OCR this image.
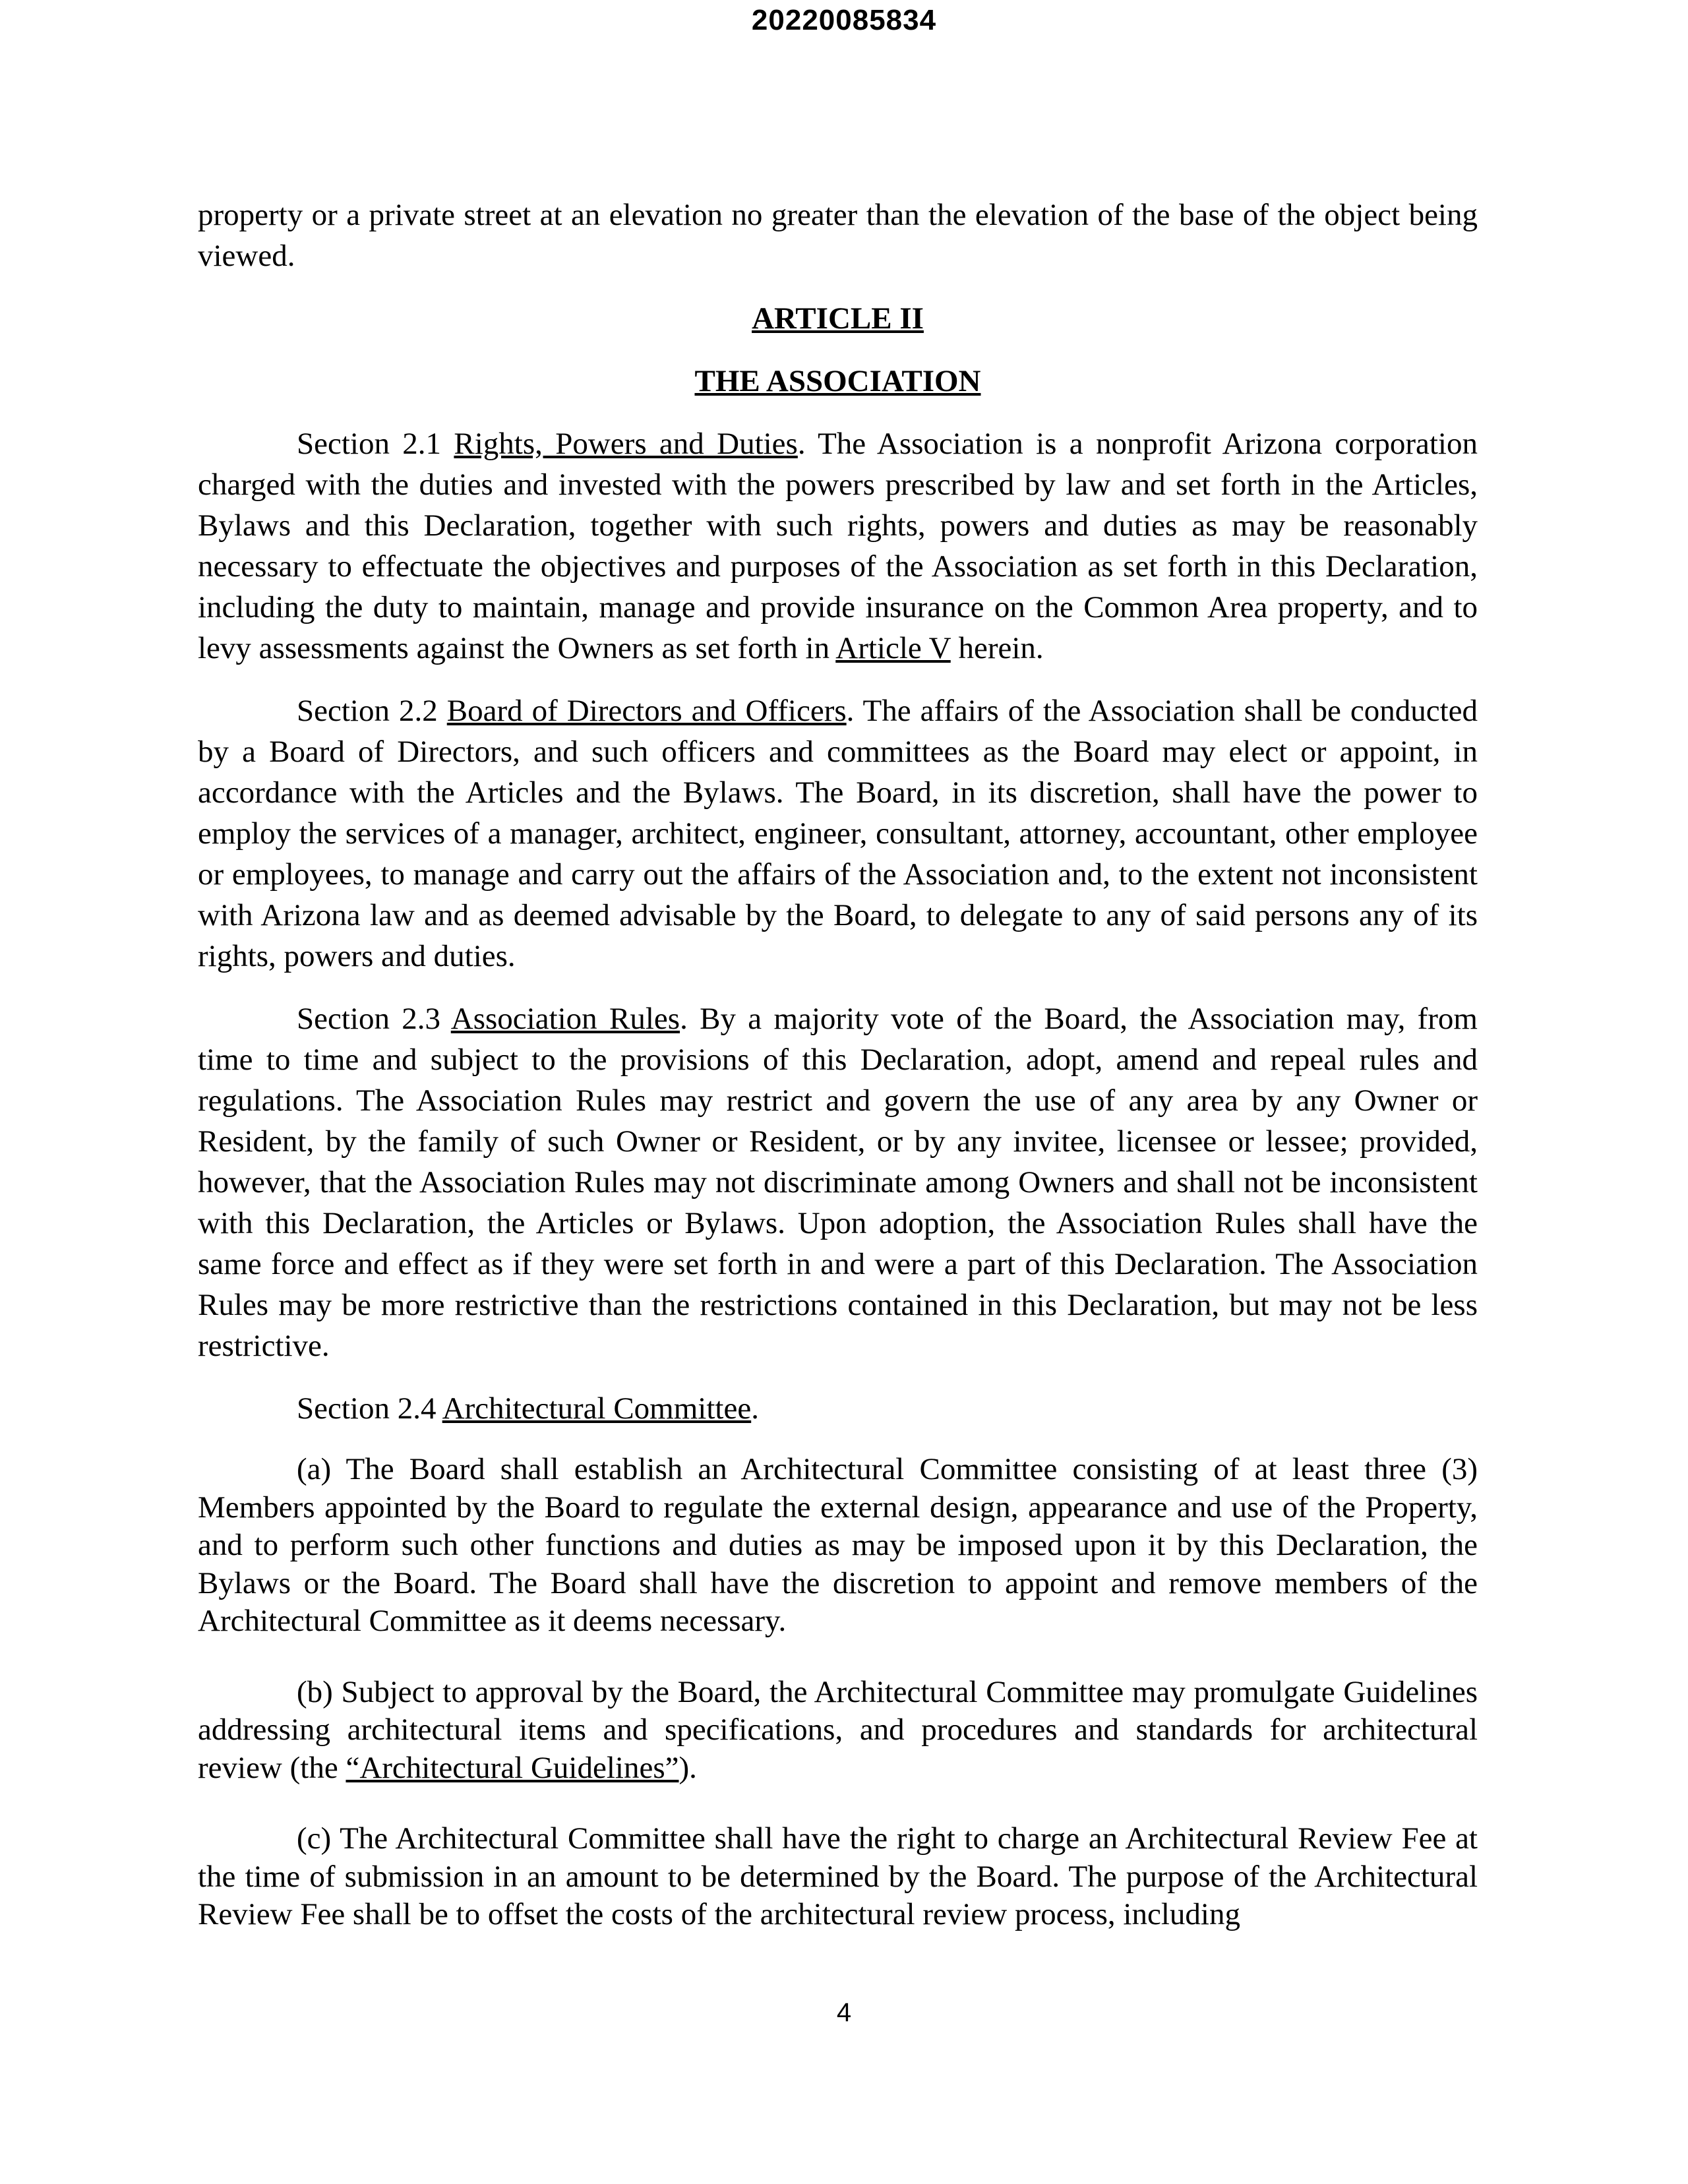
20220085834

property or a private street at an elevation no greater than the elevation of the base of the object being viewed.

ARTICLE II
THE ASSOCIATION

Section 2.1 Rights, Powers and Duties. The Association is a nonprofit Arizona corporation charged with the duties and invested with the powers prescribed by law and set forth in the Articles, Bylaws and this Declaration, together with such rights, powers and duties as may be reasonably necessary to effectuate the objectives and purposes of the Association as set forth in this Declaration, including the duty to maintain, manage and provide insurance on the Common Area property, and to levy assessments against the Owners as set forth in Article V herein.

Section 2.2 Board of Directors and Officers. The affairs of the Association shall be conducted by a Board of Directors, and such officers and committees as the Board may elect or appoint, in accordance with the Articles and the Bylaws. The Board, in its discretion, shall have the power to employ the services of a manager, architect, engineer, consultant, attorney, accountant, other employee or employees, to manage and carry out the affairs of the Association and, to the extent not inconsistent with Arizona law and as deemed advisable by the Board, to delegate to any of said persons any of its rights, powers and duties.

Section 2.3 Association Rules. By a majority vote of the Board, the Association may, from time to time and subject to the provisions of this Declaration, adopt, amend and repeal rules and regulations. The Association Rules may restrict and govern the use of any area by any Owner or Resident, by the family of such Owner or Resident, or by any invitee, licensee or lessee; provided, however, that the Association Rules may not discriminate among Owners and shall not be inconsistent with this Declaration, the Articles or Bylaws. Upon adoption, the Association Rules shall have the same force and effect as if they were set forth in and were a part of this Declaration. The Association Rules may be more restrictive than the restrictions contained in this Declaration, but may not be less restrictive.

Section 2.4 Architectural Committee.

(a) The Board shall establish an Architectural Committee consisting of at least three (3) Members appointed by the Board to regulate the external design, appearance and use of the Property, and to perform such other functions and duties as may be imposed upon it by this Declaration, the Bylaws or the Board. The Board shall have the discretion to appoint and remove members of the Architectural Committee as it deems necessary.

(b) Subject to approval by the Board, the Architectural Committee may promulgate Guidelines addressing architectural items and specifications, and procedures and standards for architectural review (the “Architectural Guidelines”).

(c) The Architectural Committee shall have the right to charge an Architectural Review Fee at the time of submission in an amount to be determined by the Board. The purpose of the Architectural Review Fee shall be to offset the costs of the architectural review process, including

4
